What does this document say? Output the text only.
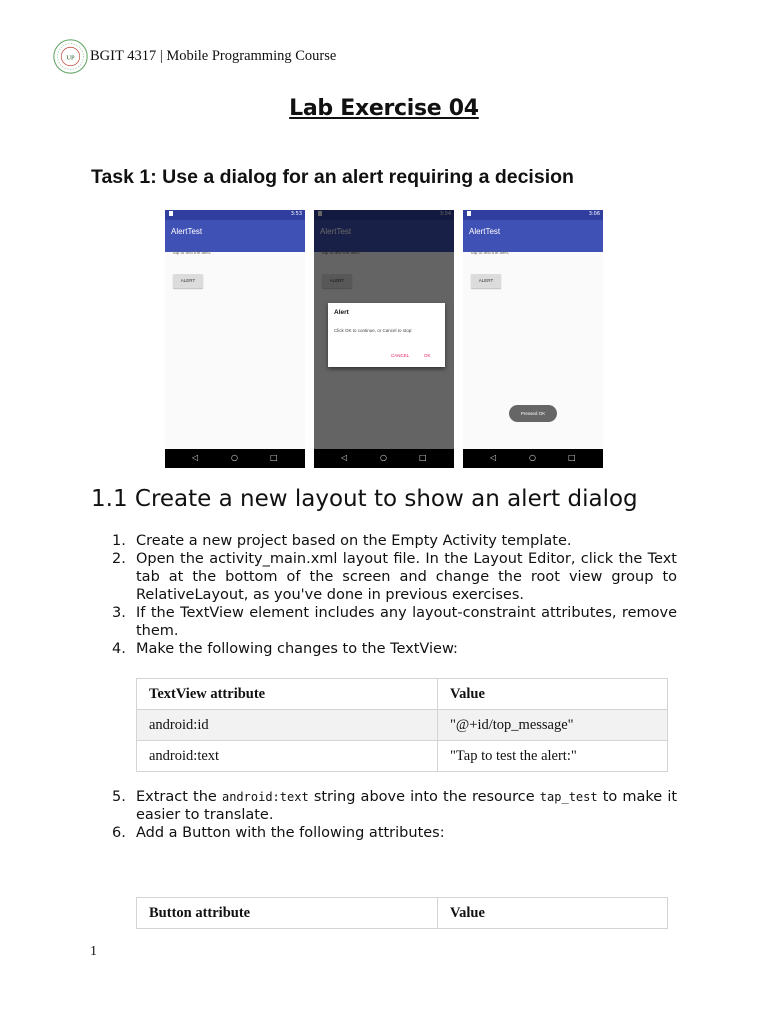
UP BGIT 4317 | Mobile Programming Course
Lab Exercise 04
Task 1: Use a dialog for an alert requiring a decision
3:53
AlertTest
Tap to test the alert:
ALERT
◁	○	□
Alert
Click OK to continue, or Cancel to stop:
CANCEL	OK
◁	○	□
3:06
AlertTest
Tap to test the alert:
ALERT
Pressed OK
◁	○	□
1.1 Create a new layout to show an alert dialog
1. Create a new project based on the Empty Activity template.
2. Open the activity_main.xml layout file. In the Layout Editor, click the Text tab at the bottom of the screen and change the root view group to RelativeLayout, as you've done in previous exercises.
3. If the TextView element includes any layout-constraint attributes, remove them.
4. Make the following changes to the TextView:
TextView attribute	Value
android:id	"@+id/top_message"
android:text	"Tap to test the alert:"
5. Extract the android:text string above into the resource tap_test to make it easier to translate.
6. Add a Button with the following attributes:
Button attribute	Value
1
